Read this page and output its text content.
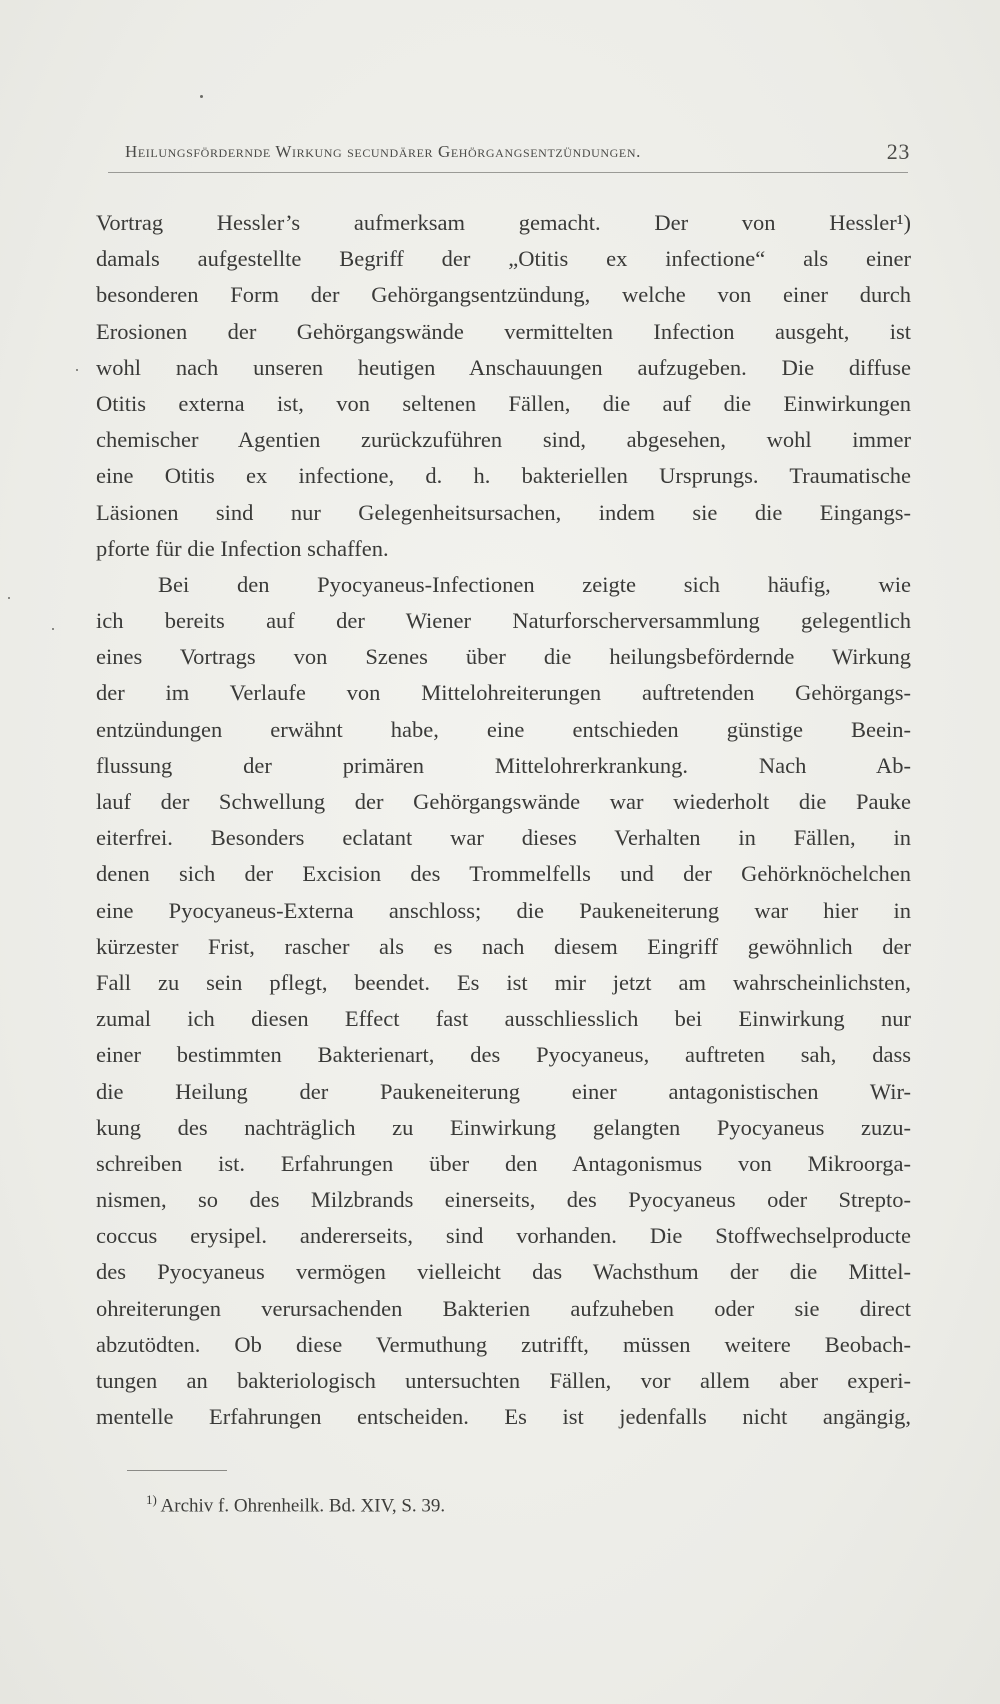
Heilungsfördernde Wirkung secundärer Gehörgangsentzündungen.	23
Vortrag Hessler’s aufmerksam gemacht. Der von Hessler¹)
damals aufgestellte Begriff der „Otitis ex infectione“ als einer
besonderen Form der Gehörgangsentzündung, welche von einer durch
Erosionen der Gehörgangswände vermittelten Infection ausgeht, ist
wohl nach unseren heutigen Anschauungen aufzugeben. Die diffuse
Otitis externa ist, von seltenen Fällen, die auf die Einwirkungen
chemischer Agentien zurückzuführen sind, abgesehen, wohl immer
eine Otitis ex infectione, d. h. bakteriellen Ursprungs. Traumatische
Läsionen sind nur Gelegenheitsursachen, indem sie die Eingangs-
pforte für die Infection schaffen.
Bei den Pyocyaneus-Infectionen zeigte sich häufig, wie
ich bereits auf der Wiener Naturforscherversammlung gelegentlich
eines Vortrags von Szenes über die heilungsbefördernde Wirkung
der im Verlaufe von Mittelohreiterungen auftretenden Gehörgangs-
entzündungen erwähnt habe, eine entschieden günstige Beein-
flussung der primären Mittelohrerkrankung. Nach Ab-
lauf der Schwellung der Gehörgangswände war wiederholt die Pauke
eiterfrei. Besonders eclatant war dieses Verhalten in Fällen, in
denen sich der Excision des Trommelfells und der Gehörknöchelchen
eine Pyocyaneus-Externa anschloss; die Paukeneiterung war hier in
kürzester Frist, rascher als es nach diesem Eingriff gewöhnlich der
Fall zu sein pflegt, beendet. Es ist mir jetzt am wahrscheinlichsten,
zumal ich diesen Effect fast ausschliesslich bei Einwirkung nur
einer bestimmten Bakterienart, des Pyocyaneus, auftreten sah, dass
die Heilung der Paukeneiterung einer antagonistischen Wir-
kung des nachträglich zu Einwirkung gelangten Pyocyaneus zuzu-
schreiben ist. Erfahrungen über den Antagonismus von Mikroorga-
nismen, so des Milzbrands einerseits, des Pyocyaneus oder Strepto-
coccus erysipel. andererseits, sind vorhanden. Die Stoffwechselproducte
des Pyocyaneus vermögen vielleicht das Wachsthum der die Mittel-
ohreiterungen verursachenden Bakterien aufzuheben oder sie direct
abzutödten. Ob diese Vermuthung zutrifft, müssen weitere Beobach-
tungen an bakteriologisch untersuchten Fällen, vor allem aber experi-
mentelle Erfahrungen entscheiden. Es ist jedenfalls nicht angängig,
$^{1)}$ Archiv f. Ohrenheilk. Bd. XIV, S. 39.
